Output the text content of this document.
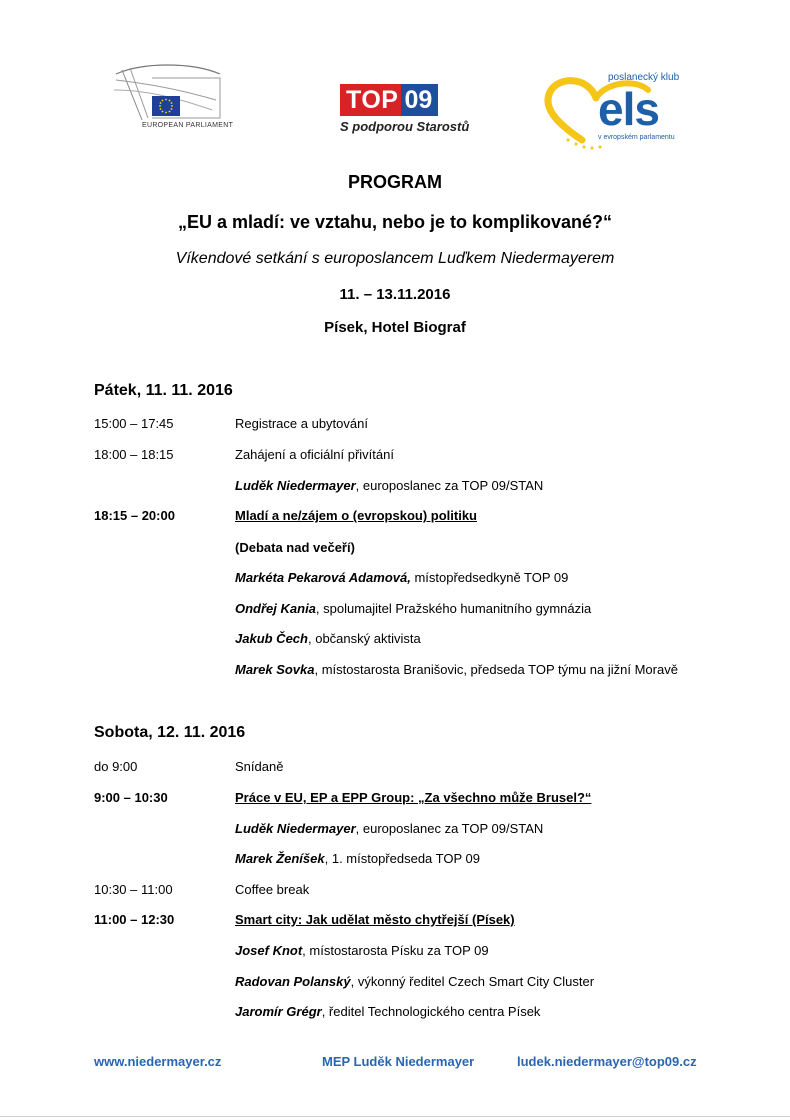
EUROPEAN PARLIAMENT
TOP 09
S podporou Starostů
poslanecký klub
els
v evropském parlamentu
PROGRAM
„EU a mladí: ve vztahu, nebo je to komplikované?“
Víkendové setkání s europoslancem Luďkem Niedermayerem
11. – 13.11.2016
Písek, Hotel Biograf
Pátek, 11. 11. 2016
15:00 – 17:45	Registrace a ubytování
18:00 – 18:15	Zahájení a oficiální přivítání
Luděk Niedermayer, europoslanec za TOP 09/STAN
18:15 – 20:00	Mladí a ne/zájem o (evropskou) politiku
(Debata nad večeří)
Markéta Pekarová Adamová, místopředsedkyně TOP 09
Ondřej Kania, spolumajitel Pražského humanitního gymnázia
Jakub Čech, občanský aktivista
Marek Sovka, místostarosta Branišovic, předseda TOP týmu na jižní Moravě
Sobota, 12. 11. 2016
do 9:00	Snídaně
9:00 – 10:30	Práce v EU, EP a EPP Group: „Za všechno může Brusel?“
Luděk Niedermayer, europoslanec za TOP 09/STAN
Marek Ženíšek, 1. místopředseda TOP 09
10:30 – 11:00	Coffee break
11:00 – 12:30	Smart city: Jak udělat město chytřejší (Písek)
Josef Knot, místostarosta Písku za TOP 09
Radovan Polanský, výkonný ředitel Czech Smart City Cluster
Jaromír Grégr, ředitel Technologického centra Písek
www.niedermayer.cz	MEP Luděk Niedermayer	ludek.niedermayer@top09.cz
